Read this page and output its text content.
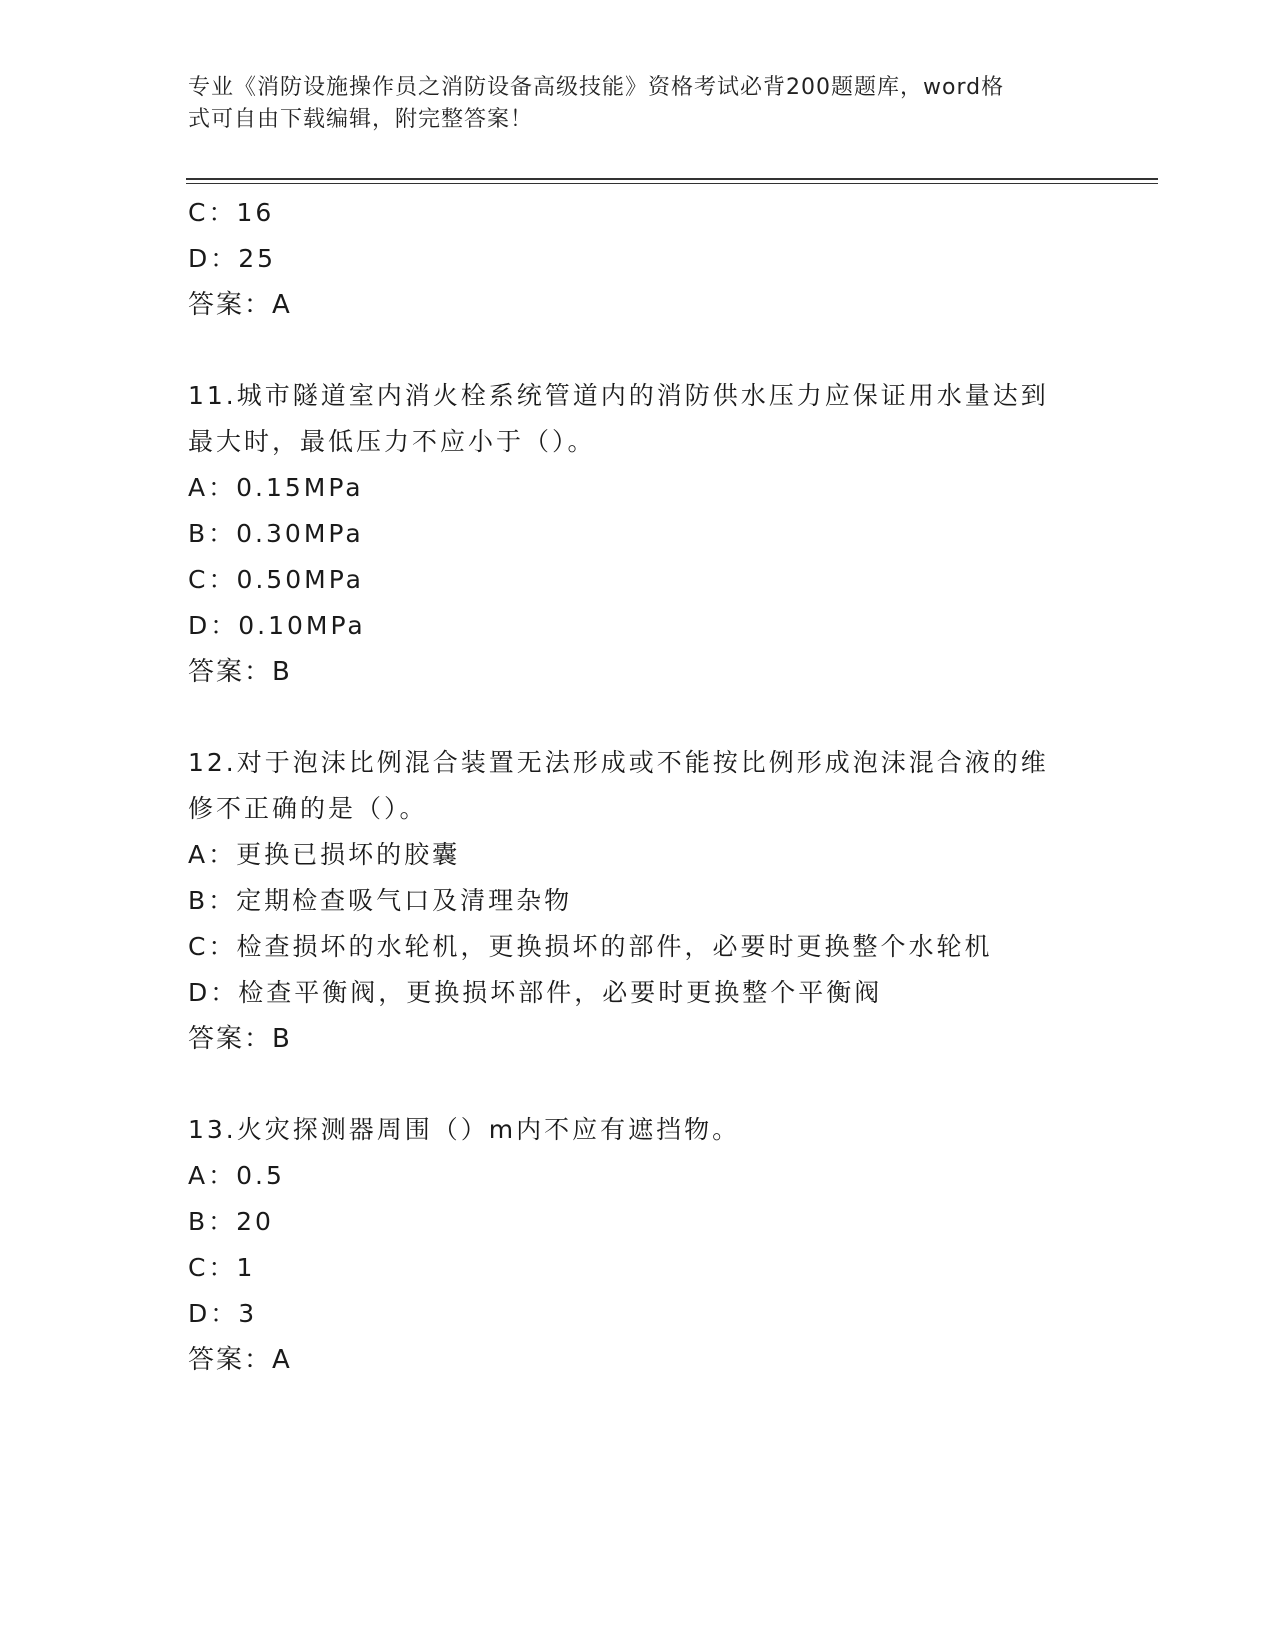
专业《消防设施操作员之消防设备高级技能》资格考试必背200题题库，word格
式可自由下载编辑，附完整答案！
C：16
D：25
答案：A
11.城市隧道室内消火栓系统管道内的消防供水压力应保证用水量达到
最大时，最低压力不应小于（）。
A：0.15MPa
B：0.30MPa
C：0.50MPa
D：0.10MPa
答案：B
12.对于泡沫比例混合装置无法形成或不能按比例形成泡沫混合液的维
修不正确的是（）。
A：更换已损坏的胶囊
B：定期检查吸气口及清理杂物
C：检查损坏的水轮机，更换损坏的部件，必要时更换整个水轮机
D：检查平衡阀，更换损坏部件，必要时更换整个平衡阀
答案：B
13.火灾探测器周围（）m内不应有遮挡物。
A：0.5
B：20
C：1
D：3
答案：A
